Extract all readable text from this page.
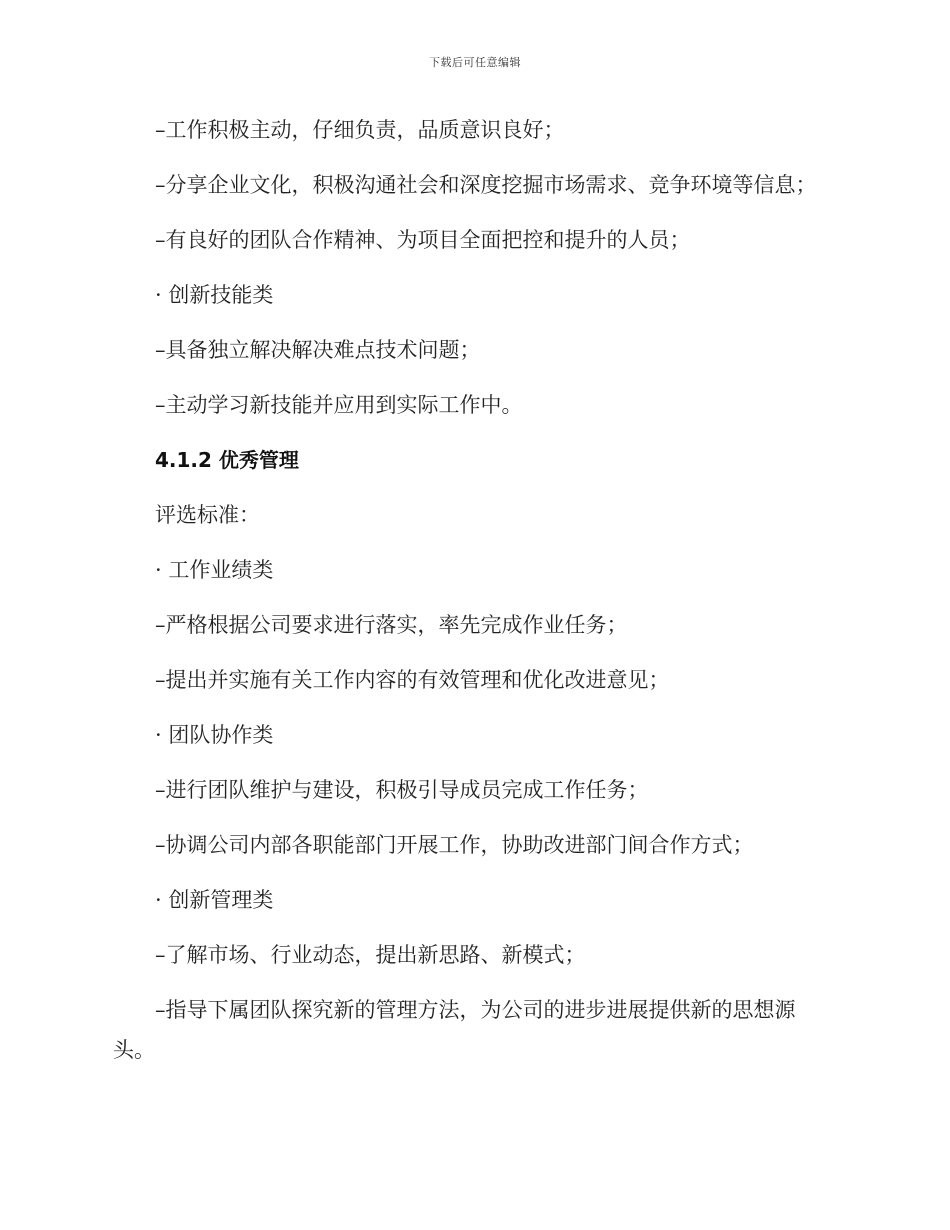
下载后可任意编辑

–工作积极主动，仔细负责，品质意识良好；

–分享企业文化，积极沟通社会和深度挖掘市场需求、竞争环境等信息；

–有良好的团队合作精神、为项目全面把控和提升的人员；

· 创新技能类

–具备独立解决解决难点技术问题；

–主动学习新技能并应用到实际工作中。

4.1.2 优秀管理

评选标准：

· 工作业绩类

–严格根据公司要求进行落实，率先完成作业任务；

–提出并实施有关工作内容的有效管理和优化改进意见；

· 团队协作类

–进行团队维护与建设，积极引导成员完成工作任务；

–协调公司内部各职能部门开展工作，协助改进部门间合作方式；

· 创新管理类

–了解市场、行业动态，提出新思路、新模式；

–指导下属团队探究新的管理方法，为公司的进步进展提供新的思想源头。
